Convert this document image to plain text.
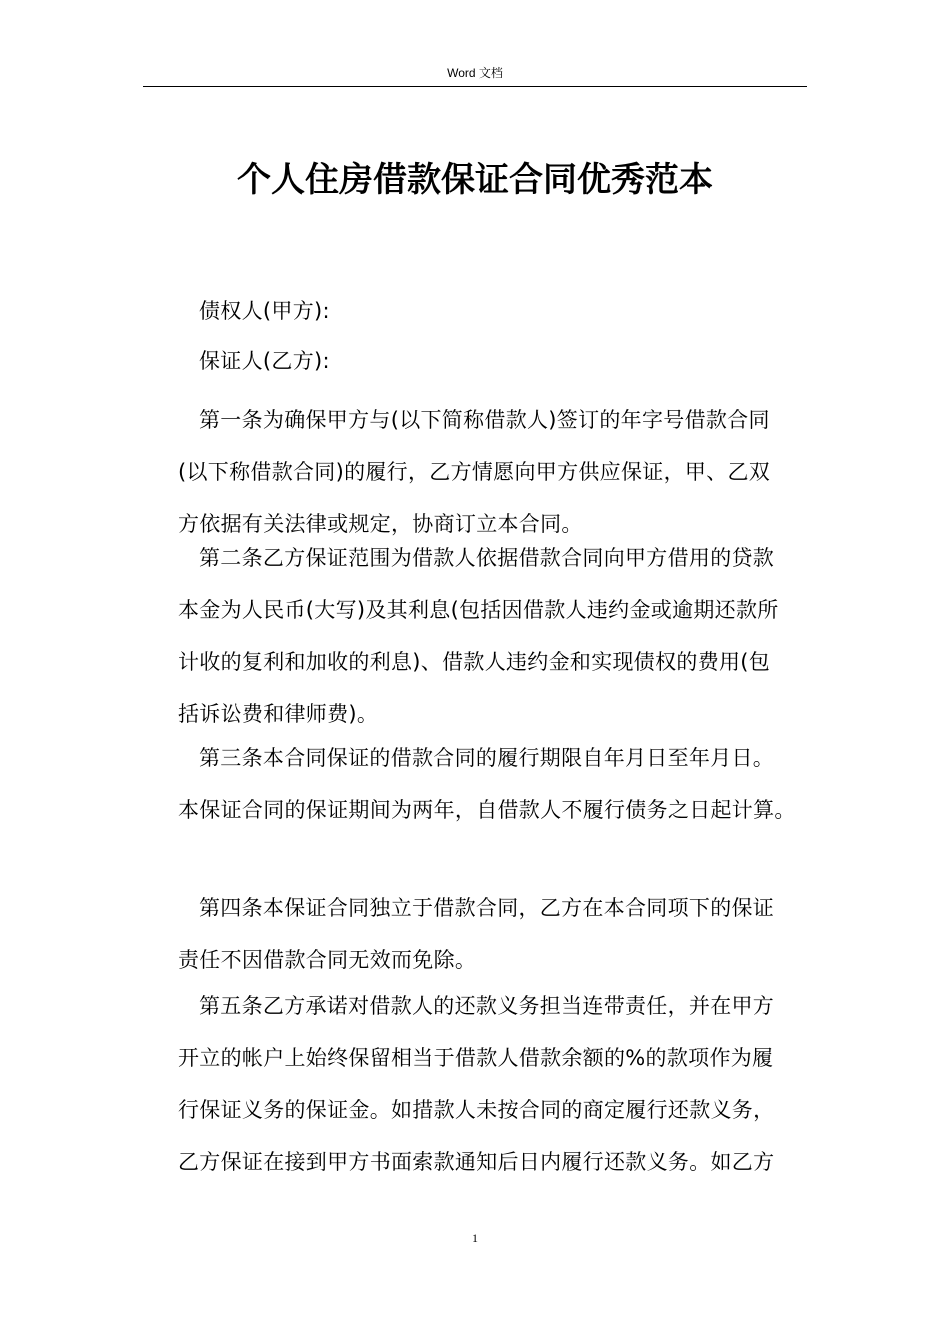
Word 文档
个人住房借款保证合同优秀范本

债权人(甲方):

保证人(乙方):

第一条为确保甲方与(以下简称借款人)签订的年字号借款合同
(以下称借款合同)的履行，乙方情愿向甲方供应保证，甲、乙双
方依据有关法律或规定，协商订立本合同。

第二条乙方保证范围为借款人依据借款合同向甲方借用的贷款
本金为人民币(大写)及其利息(包括因借款人违约金或逾期还款所
计收的复利和加收的利息)、借款人违约金和实现债权的费用(包
括诉讼费和律师费)。

第三条本合同保证的借款合同的履行期限自年月日至年月日。
本保证合同的保证期间为两年，自借款人不履行债务之日起计算。

第四条本保证合同独立于借款合同，乙方在本合同项下的保证
责任不因借款合同无效而免除。

第五条乙方承诺对借款人的还款义务担当连带责任，并在甲方
开立的帐户上始终保留相当于借款人借款余额的%的款项作为履
行保证义务的保证金。如措款人未按合同的商定履行还款义务，
乙方保证在接到甲方书面索款通知后日内履行还款义务。如乙方

1
